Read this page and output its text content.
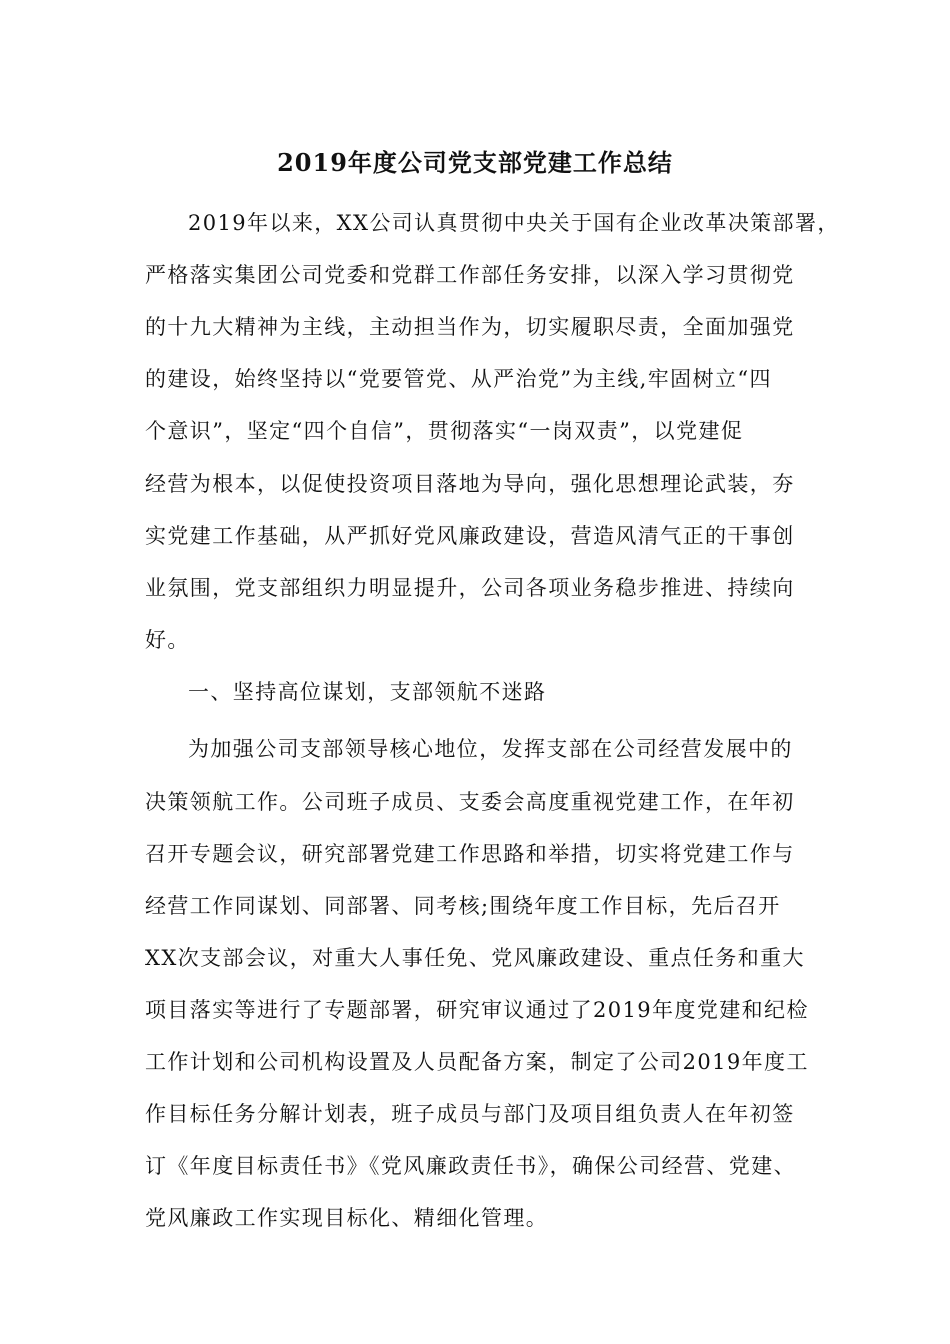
2019年度公司党支部党建工作总结
2019年以来，XX公司认真贯彻中央关于国有企业改革决策部署，
严格落实集团公司党委和党群工作部任务安排，以深入学习贯彻党
的十九大精神为主线，主动担当作为，切实履职尽责，全面加强党
的建设，始终坚持以“党要管党、从严治党”为主线,牢固树立“四
个意识”，坚定“四个自信”，贯彻落实“一岗双责”，以党建促
经营为根本，以促使投资项目落地为导向，强化思想理论武装，夯
实党建工作基础，从严抓好党风廉政建设，营造风清气正的干事创
业氛围，党支部组织力明显提升，公司各项业务稳步推进、持续向
好。
一、坚持高位谋划，支部领航不迷路
为加强公司支部领导核心地位，发挥支部在公司经营发展中的
决策领航工作。公司班子成员、支委会高度重视党建工作，在年初
召开专题会议，研究部署党建工作思路和举措，切实将党建工作与
经营工作同谋划、同部署、同考核;围绕年度工作目标，先后召开
XX次支部会议，对重大人事任免、党风廉政建设、重点任务和重大
项目落实等进行了专题部署，研究审议通过了2019年度党建和纪检
工作计划和公司机构设置及人员配备方案，制定了公司2019年度工
作目标任务分解计划表，班子成员与部门及项目组负责人在年初签
订《年度目标责任书》《党风廉政责任书》，确保公司经营、党建、
党风廉政工作实现目标化、精细化管理。
